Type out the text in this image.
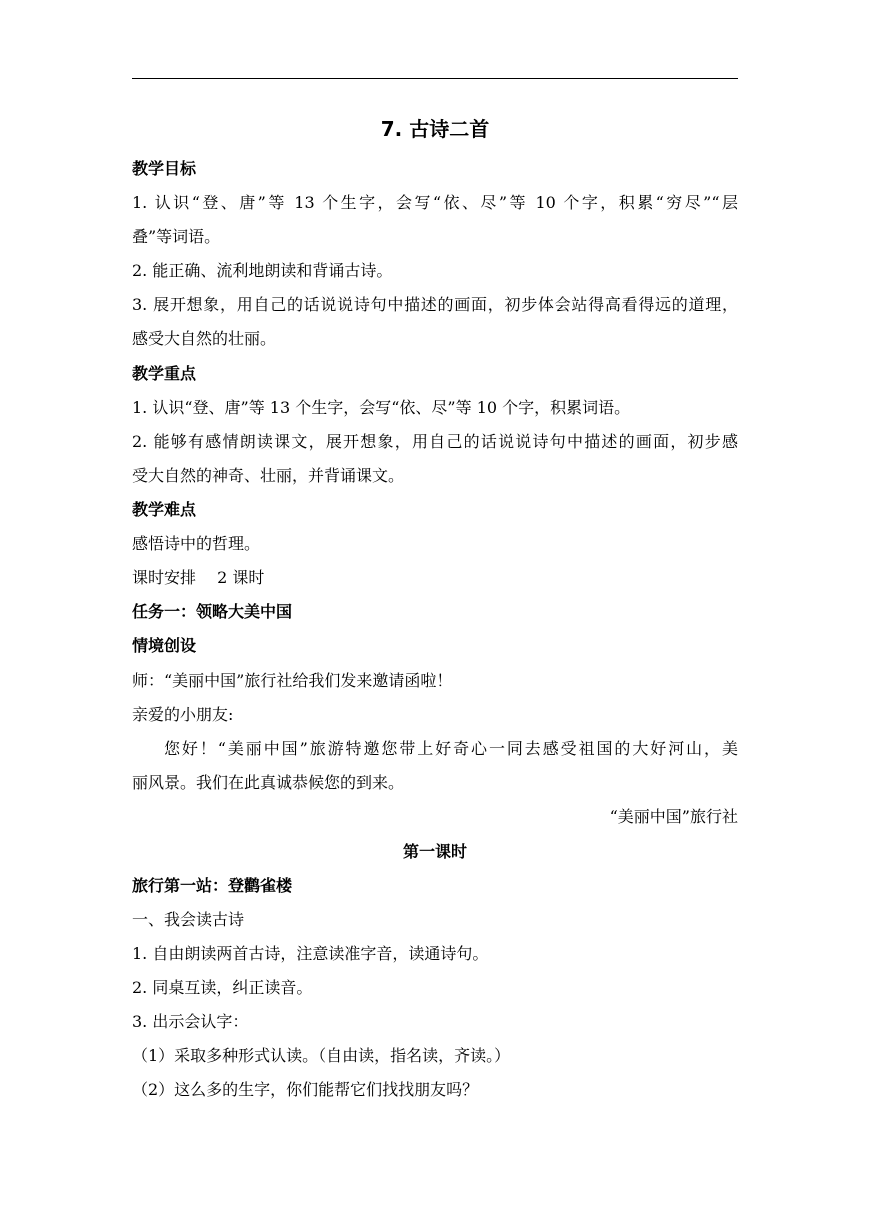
7. 古诗二首
教学目标
1. 认识“登、唐”等 13 个生字，会写“依、尽”等 10 个字，积累“穷尽”“层
叠”等词语。
2. 能正确、流利地朗读和背诵古诗。
3. 展开想象，用自己的话说说诗句中描述的画面，初步体会站得高看得远的道理，
感受大自然的壮丽。
教学重点
1. 认识“登、唐”等 13 个生字，会写“依、尽”等 10 个字，积累词语。
2. 能够有感情朗读课文，展开想象，用自己的话说说诗句中描述的画面，初步感
受大自然的神奇、壮丽，并背诵课文。
教学难点
感悟诗中的哲理。
课时安排　 2 课时
任务一：领略大美中国
情境创设
师：“美丽中国”旅行社给我们发来邀请函啦！
亲爱的小朋友:
您好！“美丽中国”旅游特邀您带上好奇心一同去感受祖国的大好河山，美
丽风景。我们在此真诚恭候您的到来。
“美丽中国”旅行社
第一课时
旅行第一站：登鹳雀楼
一、我会读古诗
1. 自由朗读两首古诗，注意读准字音，读通诗句。
2. 同桌互读，纠正读音。
3. 出示会认字：
（1）采取多种形式认读。（自由读，指名读，齐读。）
（2）这么多的生字，你们能帮它们找找朋友吗？
